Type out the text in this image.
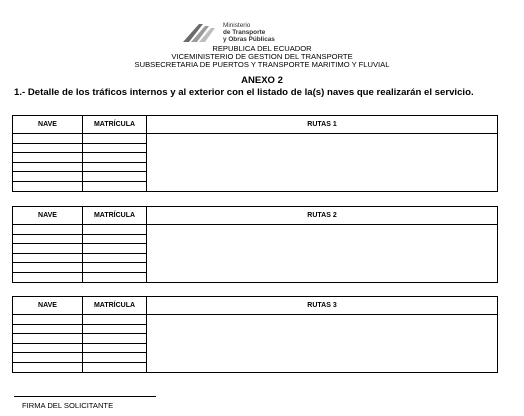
Ministerio
de Transporte
y Obras Públicas
REPUBLICA DEL ECUADOR
VICEMINISTERIO DE GESTION DEL TRANSPORTE
SUBSECRETARIA DE PUERTOS Y TRANSPORTE MARITIMO Y FLUVIAL
ANEXO 2
1.- Detalle de los tráficos internos y al exterior con el listado de la(s) naves que realizarán el servicio.
NAVE	MATRÍCULA	RUTAS 1

NAVE	MATRÍCULA	RUTAS 2

NAVE	MATRÍCULA	RUTAS 3

FIRMA DEL SOLICITANTE
